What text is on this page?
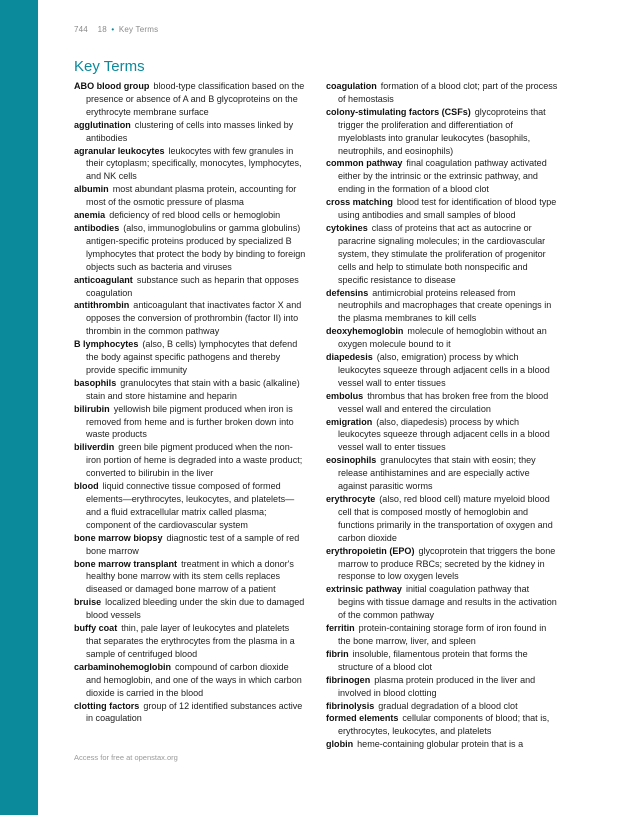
744 18 • Key Terms
Key Terms

ABO blood group blood-type classification based on the presence or absence of A and B glycoproteins on the erythrocyte membrane surface

agglutination clustering of cells into masses linked by antibodies

agranular leukocytes leukocytes with few granules in their cytoplasm; specifically, monocytes, lymphocytes, and NK cells

albumin most abundant plasma protein, accounting for most of the osmotic pressure of plasma

anemia deficiency of red blood cells or hemoglobin

antibodies (also, immunoglobulins or gamma globulins) antigen-specific proteins produced by specialized B lymphocytes that protect the body by binding to foreign objects such as bacteria and viruses

anticoagulant substance such as heparin that opposes coagulation

antithrombin anticoagulant that inactivates factor X and opposes the conversion of prothrombin (factor II) into thrombin in the common pathway

B lymphocytes (also, B cells) lymphocytes that defend the body against specific pathogens and thereby provide specific immunity

basophils granulocytes that stain with a basic (alkaline) stain and store histamine and heparin

bilirubin yellowish bile pigment produced when iron is removed from heme and is further broken down into waste products

biliverdin green bile pigment produced when the non-iron portion of heme is degraded into a waste product; converted to bilirubin in the liver

blood liquid connective tissue composed of formed elements—erythrocytes, leukocytes, and platelets—and a fluid extracellular matrix called plasma; component of the cardiovascular system

bone marrow biopsy diagnostic test of a sample of red bone marrow

bone marrow transplant treatment in which a donor's healthy bone marrow with its stem cells replaces diseased or damaged bone marrow of a patient

bruise localized bleeding under the skin due to damaged blood vessels

buffy coat thin, pale layer of leukocytes and platelets that separates the erythrocytes from the plasma in a sample of centrifuged blood

carbaminohemoglobin compound of carbon dioxide and hemoglobin, and one of the ways in which carbon dioxide is carried in the blood

clotting factors group of 12 identified substances active in coagulation

coagulation formation of a blood clot; part of the process of hemostasis

colony-stimulating factors (CSFs) glycoproteins that trigger the proliferation and differentiation of myeloblasts into granular leukocytes (basophils, neutrophils, and eosinophils)

common pathway final coagulation pathway activated either by the intrinsic or the extrinsic pathway, and ending in the formation of a blood clot

cross matching blood test for identification of blood type using antibodies and small samples of blood

cytokines class of proteins that act as autocrine or paracrine signaling molecules; in the cardiovascular system, they stimulate the proliferation of progenitor cells and help to stimulate both nonspecific and specific resistance to disease

defensins antimicrobial proteins released from neutrophils and macrophages that create openings in the plasma membranes to kill cells

deoxyhemoglobin molecule of hemoglobin without an oxygen molecule bound to it

diapedesis (also, emigration) process by which leukocytes squeeze through adjacent cells in a blood vessel wall to enter tissues

embolus thrombus that has broken free from the blood vessel wall and entered the circulation

emigration (also, diapedesis) process by which leukocytes squeeze through adjacent cells in a blood vessel wall to enter tissues

eosinophils granulocytes that stain with eosin; they release antihistamines and are especially active against parasitic worms

erythrocyte (also, red blood cell) mature myeloid blood cell that is composed mostly of hemoglobin and functions primarily in the transportation of oxygen and carbon dioxide

erythropoietin (EPO) glycoprotein that triggers the bone marrow to produce RBCs; secreted by the kidney in response to low oxygen levels

extrinsic pathway initial coagulation pathway that begins with tissue damage and results in the activation of the common pathway

ferritin protein-containing storage form of iron found in the bone marrow, liver, and spleen

fibrin insoluble, filamentous protein that forms the structure of a blood clot

fibrinogen plasma protein produced in the liver and involved in blood clotting

fibrinolysis gradual degradation of a blood clot

formed elements cellular components of blood; that is, erythrocytes, leukocytes, and platelets

globin heme-containing globular protein that is a

Access for free at openstax.org
